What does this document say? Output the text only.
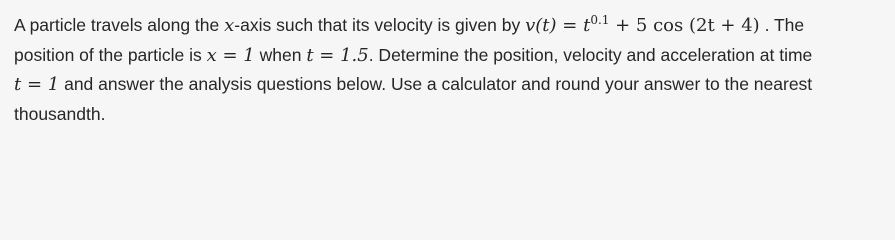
A particle travels along the x-axis such that its velocity is given by $v(t) = t^{0.1} + 5$ cos (2t + 4) . The
position of the particle is x = 1 when t = 1.5. Determine the position, velocity and acceleration at time
t = 1 and answer the analysis questions below. Use a calculator and round your answer to the nearest
thousandth.
